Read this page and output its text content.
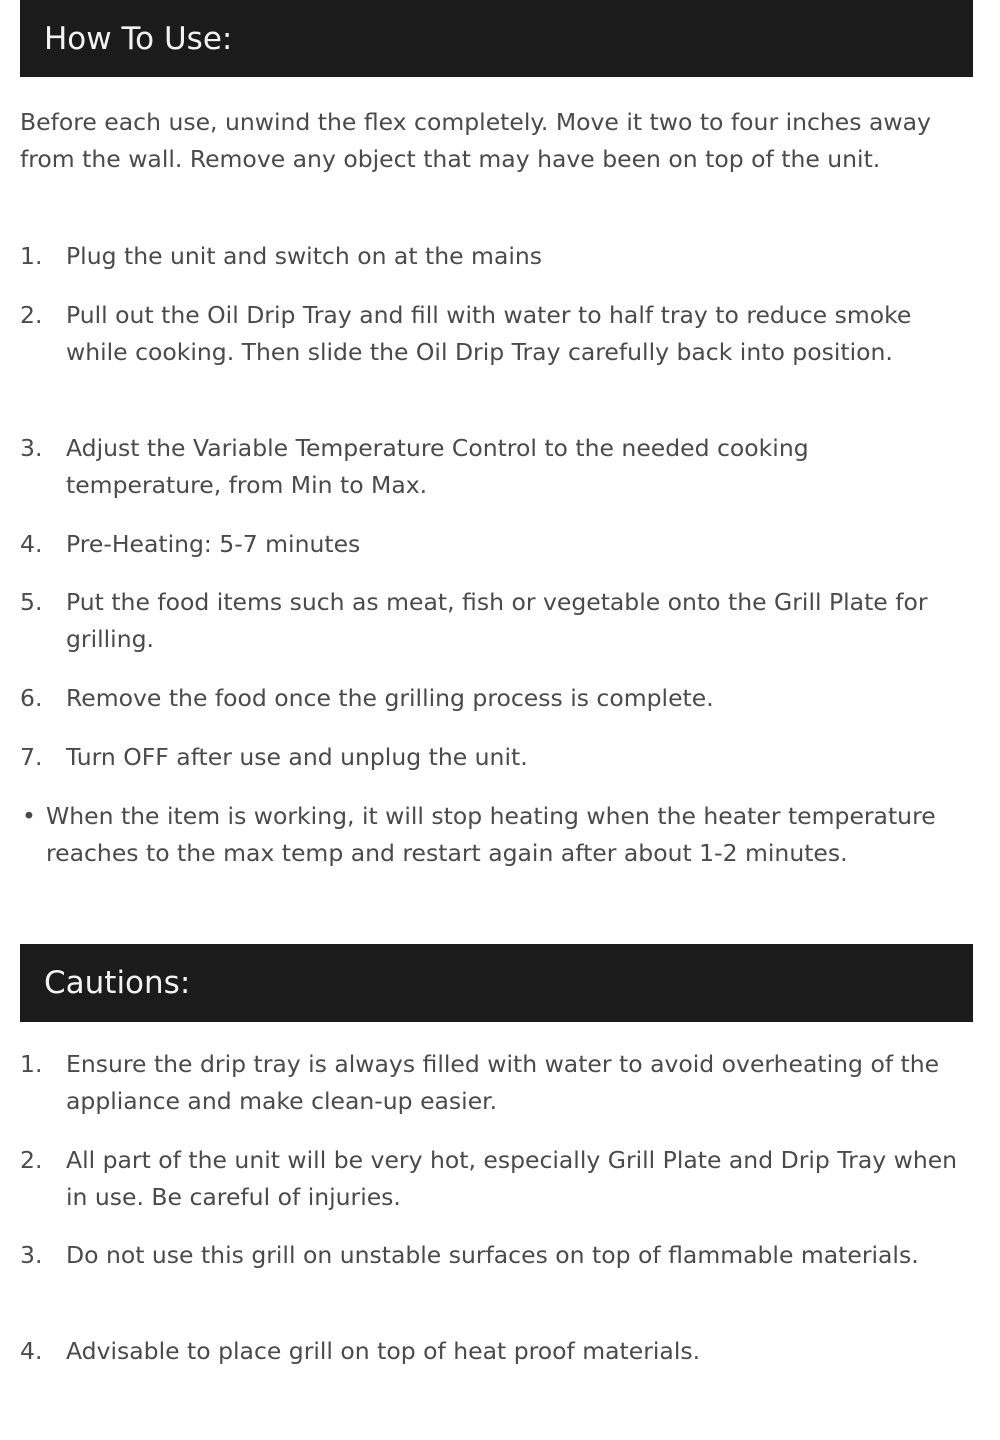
How To Use:

Before each use, unwind the flex completely. Move it two to four inches away from the wall. Remove any object that may have been on top of the unit.

1.	Plug the unit and switch on at the mains
2.	Pull out the Oil Drip Tray and fill with water to half tray to reduce smoke while cooking. Then slide the Oil Drip Tray carefully back into position.
3.	Adjust the Variable Temperature Control to the needed cooking temperature, from Min to Max.
4.	Pre-Heating: 5-7 minutes
5.	Put the food items such as meat, fish or vegetable onto the Grill Plate for grilling.
6.	Remove the food once the grilling process is complete.
7.	Turn OFF after use and unplug the unit.
• When the item is working, it will stop heating when the heater temperature reaches to the max temp and restart again after about 1-2 minutes.
Cautions:
1.	Ensure the drip tray is always filled with water to avoid overheating of the appliance and make clean-up easier.
2.	All part of the unit will be very hot, especially Grill Plate and Drip Tray when in use. Be careful of injuries.
3.	Do not use this grill on unstable surfaces on top of flammable materials.
4.	Advisable to place grill on top of heat proof materials.
